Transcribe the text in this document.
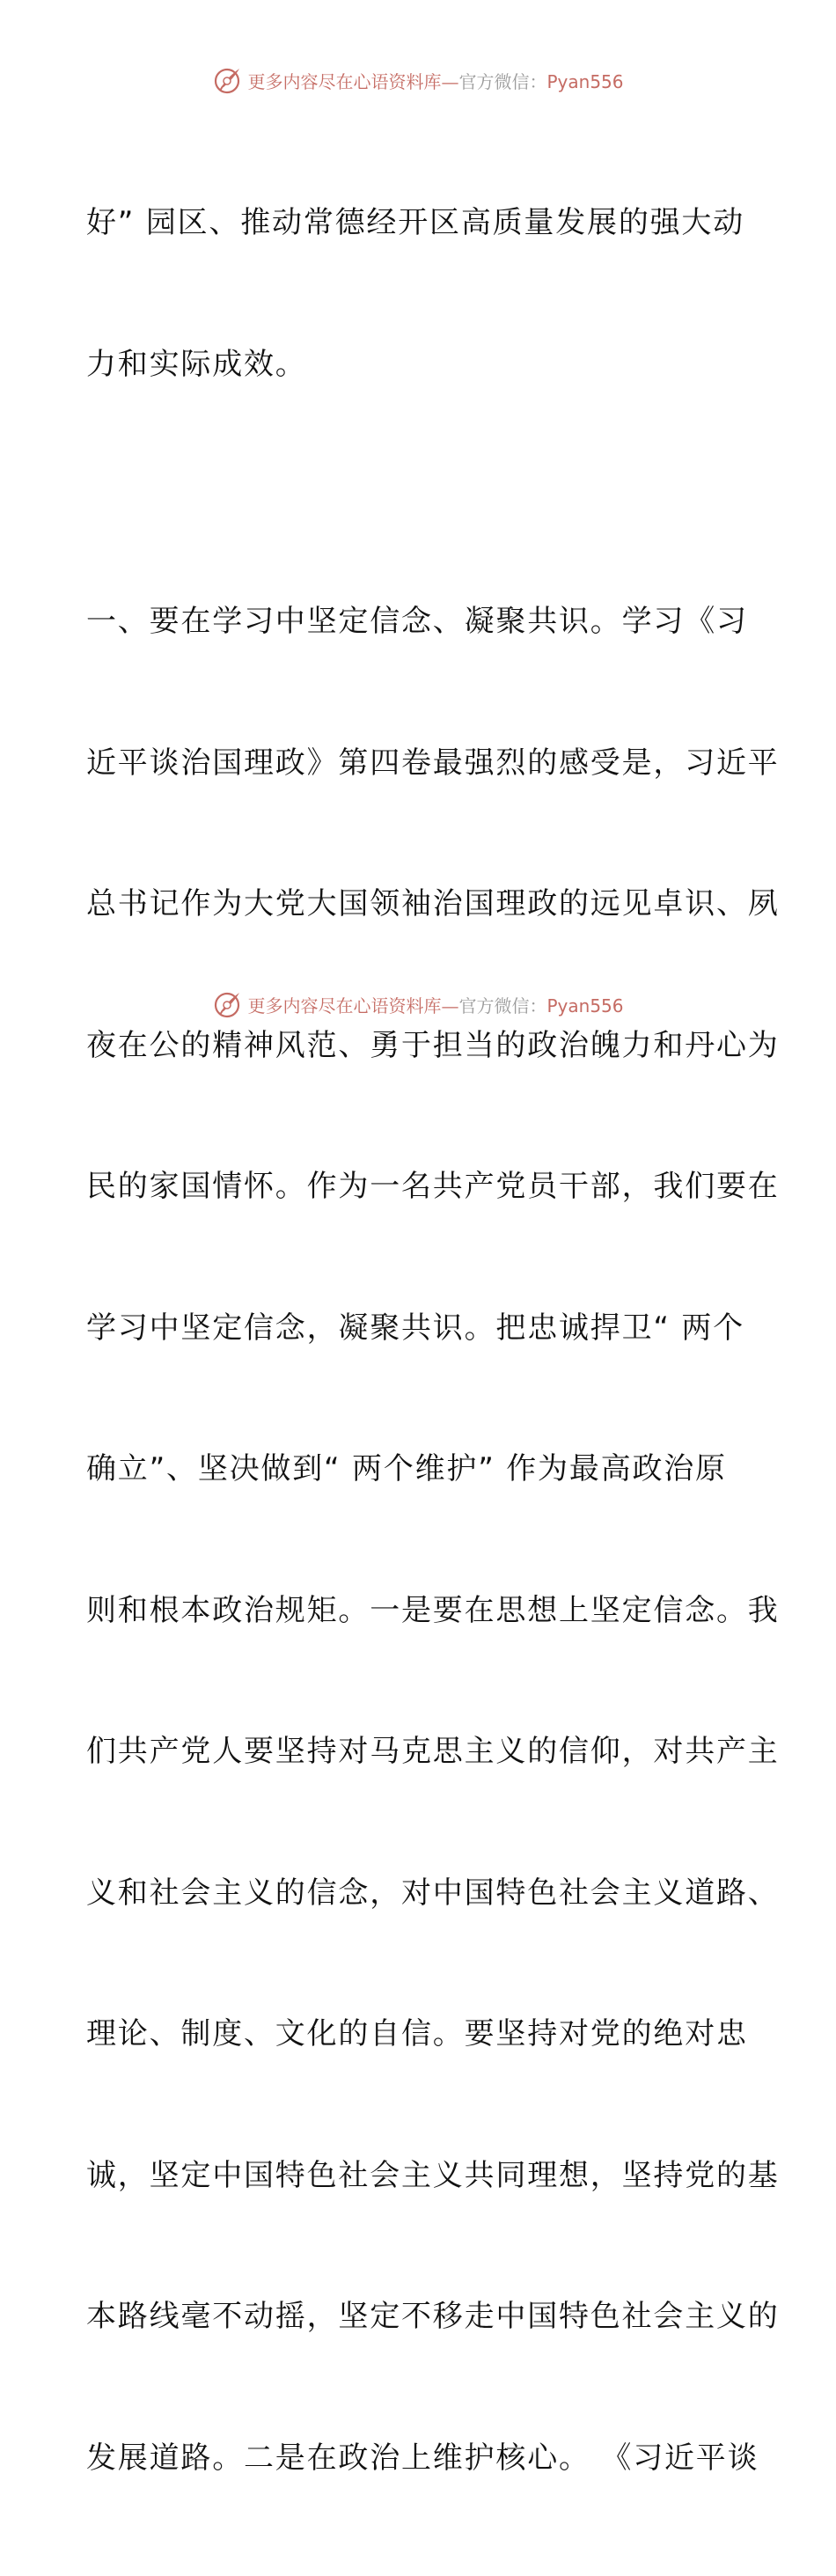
更多内容尽在心语资料库—官方微信：Pyan556

好” 园区、推动常德经开区高质量发展的强大动

力和实际成效。

一、要在学习中坚定信念、凝聚共识。学习《习

近平谈治国理政》第四卷最强烈的感受是，习近平

总书记作为大党大国领袖治国理政的远见卓识、夙

夜在公的精神风范、勇于担当的政治魄力和丹心为

民的家国情怀。作为一名共产党员干部，我们要在

学习中坚定信念，凝聚共识。把忠诚捍卫“ 两个

确立”、坚决做到“ 两个维护” 作为最高政治原

则和根本政治规矩。一是要在思想上坚定信念。我

们共产党人要坚持对马克思主义的信仰，对共产主

义和社会主义的信念，对中国特色社会主义道路、

理论、制度、文化的自信。要坚持对党的绝对忠

诚，坚定中国特色社会主义共同理想，坚持党的基

本路线毫不动摇，坚定不移走中国特色社会主义的

发展道路。二是在政治上维护核心。 《习近平谈

更多内容尽在心语资料库—官方微信：Pyan556
